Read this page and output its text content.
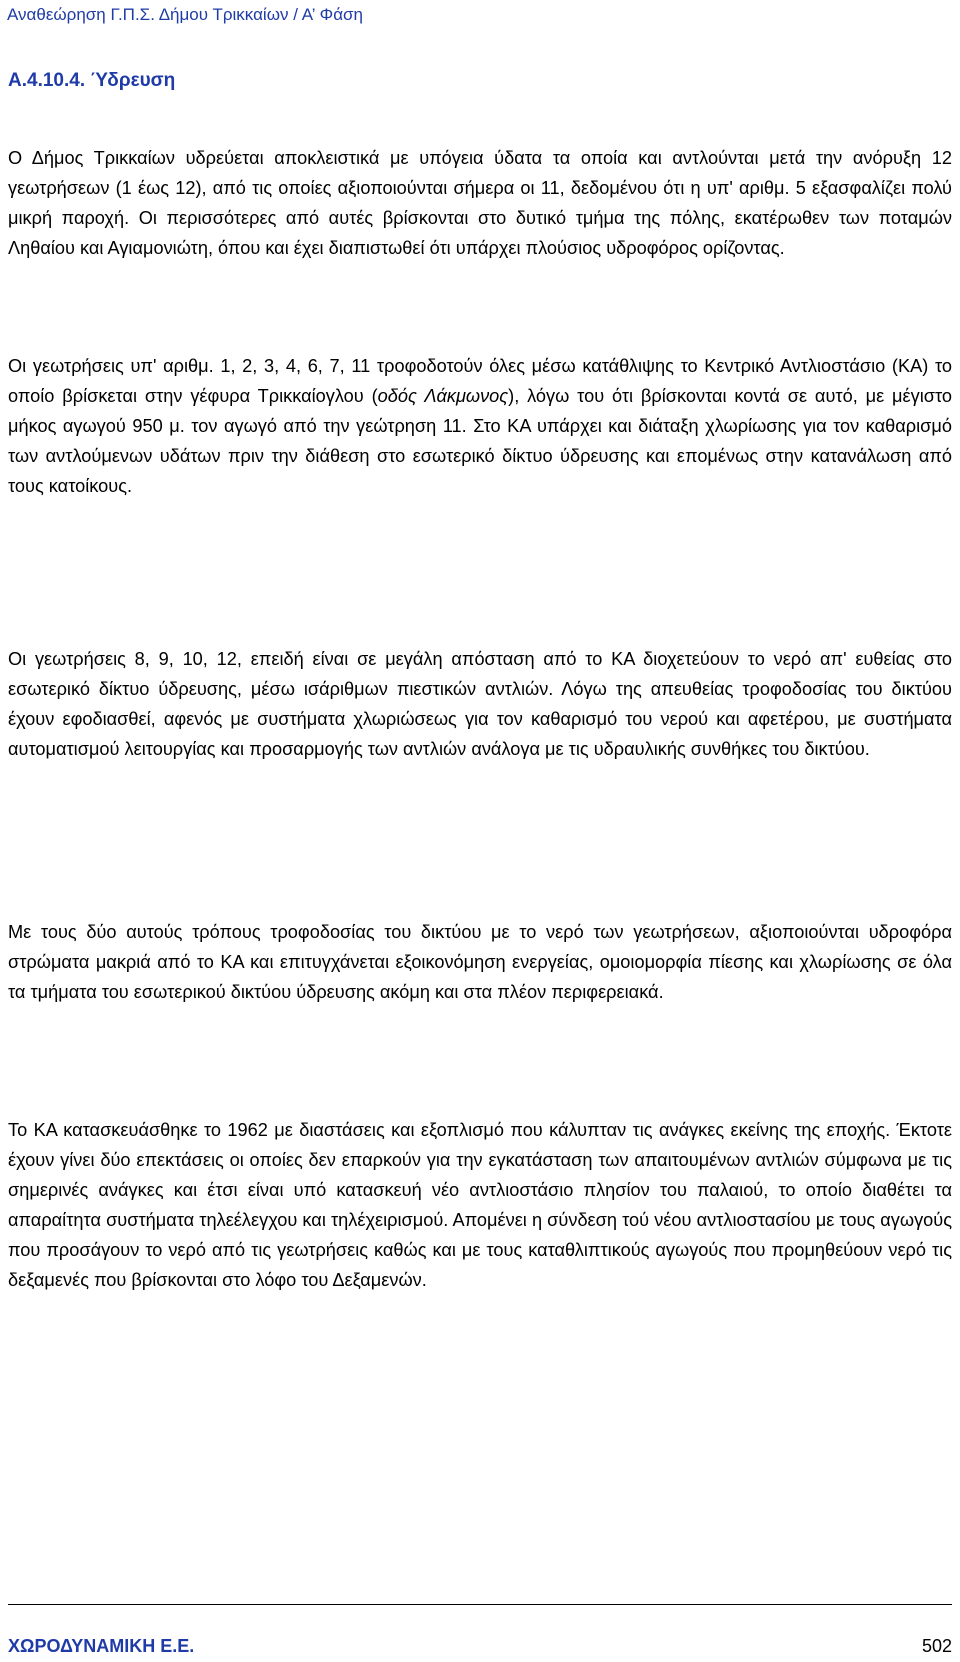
Αναθεώρηση Γ.Π.Σ. Δήμου Τρικκαίων / Α’ Φάση
Α.4.10.4. Ύδρευση

Ο Δήμος Τρικκαίων υδρεύεται αποκλειστικά με υπόγεια ύδατα τα οποία και αντλούνται μετά την ανόρυξη 12 γεωτρήσεων (1 έως 12), από τις οποίες αξιοποιούνται σήμερα οι 11, δεδομένου ότι η υπ' αριθμ. 5 εξασφαλίζει πολύ μικρή παροχή. Οι περισσότερες από αυτές βρίσκονται στο δυτικό τμήμα της πόλης, εκατέρωθεν των ποταμών Ληθαίου και Αγιαμονιώτη, όπου και έχει διαπιστωθεί ότι υπάρχει πλούσιος υδροφόρος ορίζοντας.

Οι γεωτρήσεις υπ' αριθμ. 1, 2, 3, 4, 6, 7, 11 τροφοδοτούν όλες μέσω κατάθλιψης το Κεντρικό Αντλιοστάσιο (ΚΑ) το οποίο βρίσκεται στην γέφυρα Τρικκαίογλου (οδός Λάκμωνος), λόγω του ότι βρίσκονται κοντά σε αυτό, με μέγιστο μήκος αγωγού 950 μ. τον αγωγό από την γεώτρηση 11. Στο ΚΑ υπάρχει και διάταξη χλωρίωσης για τον καθαρισμό των αντλούμενων υδάτων πριν την διάθεση στο εσωτερικό δίκτυο ύδρευσης και επομένως στην κατανάλωση από τους κατοίκους.

Οι γεωτρήσεις 8, 9, 10, 12, επειδή είναι σε μεγάλη απόσταση από το ΚΑ διοχετεύουν το νερό απ' ευθείας στο εσωτερικό δίκτυο ύδρευσης, μέσω ισάριθμων πιεστικών αντλιών. Λόγω της απευθείας τροφοδοσίας του δικτύου έχουν εφοδιασθεί, αφενός με συστήματα χλωριώσεως για τον καθαρισμό του νερού και αφετέρου, με συστήματα αυτοματισμού λειτουργίας και προσαρμογής των αντλιών ανάλογα με τις υδραυλικής συνθήκες του δικτύου.

Με τους δύο αυτούς τρόπους τροφοδοσίας του δικτύου με το νερό των γεωτρήσεων, αξιοποιούνται υδροφόρα στρώματα μακριά από το ΚΑ και επιτυγχάνεται εξοικονόμηση ενεργείας, ομοιομορφία πίεσης και χλωρίωσης σε όλα τα τμήματα του εσωτερικού δικτύου ύδρευσης ακόμη και στα πλέον περιφερειακά.

Το ΚΑ κατασκευάσθηκε το 1962 με διαστάσεις και εξοπλισμό που κάλυπταν τις ανάγκες εκείνης της εποχής. Έκτοτε έχουν γίνει δύο επεκτάσεις οι οποίες δεν επαρκούν για την εγκατάσταση των απαιτουμένων αντλιών σύμφωνα με τις σημερινές ανάγκες και έτσι είναι υπό κατασκευή νέο αντλιοστάσιο πλησίον του παλαιού, το οποίο διαθέτει τα απαραίτητα συστήματα τηλεέλεγχου και τηλέχειρισμού. Απομένει η σύνδεση τού νέου αντλιοστασίου με τους αγωγούς που προσάγουν το νερό από τις γεωτρήσεις καθώς και με τους καταθλιπτικούς αγωγούς που προμηθεύουν νερό τις δεξαμενές που βρίσκονται στο λόφο του Δεξαμενών.

ΧΩΡΟΔΥΝΑΜΙΚΗ Ε.Ε.	502
